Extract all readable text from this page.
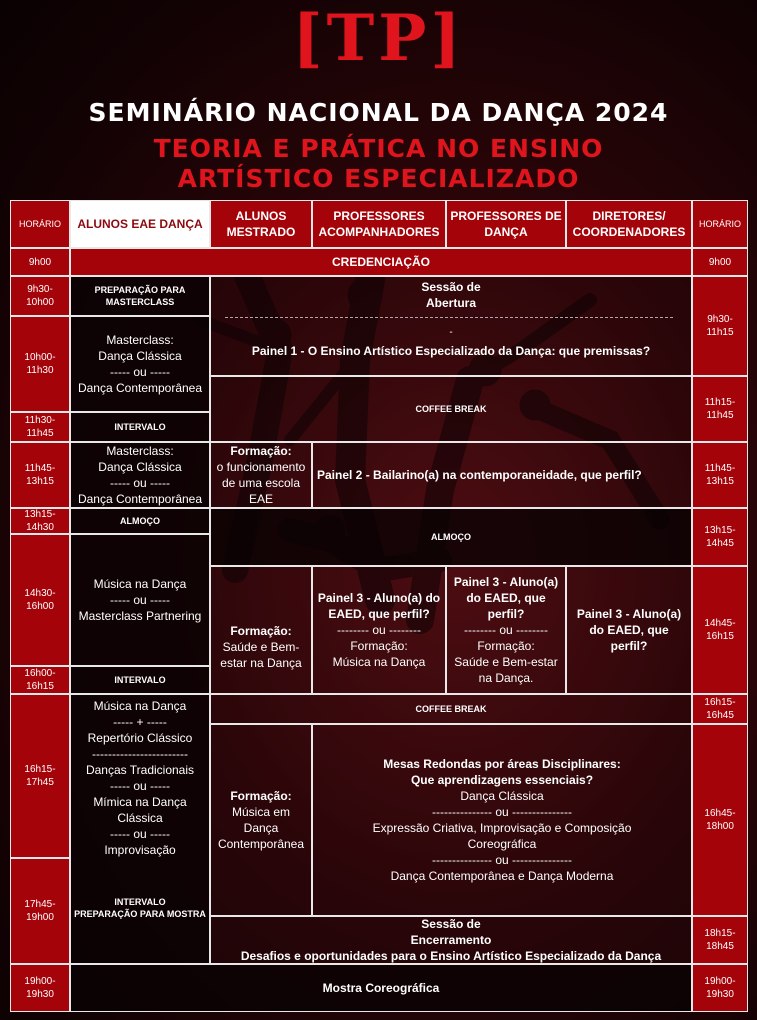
[TP]
SEMINÁRIO NACIONAL DA DANÇA 2024
TEORIA E PRÁTICA NO ENSINO
ARTÍSTICO ESPECIALIZADO
HORÁRIO	ALUNOS EAE DANÇA
ALUNOS
MESTRADO
PROFESSORES
ACOMPANHADORES
PROFESSORES DE
DANÇA
DIRETORES/
COORDENADORES
HORÁRIO
9h00
9h30-
10h00
10h00-
11h30
11h30-
11h45
11h45-
13h15
13h15-
14h30
14h30-
16h00
16h00-
16h15
16h15-
17h45
17h45-
19h00
19h00-
19h30
9h00
9h30-11h15
11h15-
11h45
11h45-
13h15
13h15-
14h45
14h45-
16h15
16h15-
16h45
16h45-
18h00
18h15-
18h45
19h00-
19h30
CREDENCIAÇÃO
PREPARAÇÃO PARA
MASTERCLASS
Masterclass:
Dança Clássica
----- ou -----
Dança Contemporânea
INTERVALO
Masterclass:
Dança Clássica
----- ou -----
Dança Contemporânea
ALMOÇO
Música na Dança
----- ou -----
Masterclass Partnering
INTERVALO
Música na Dança
----- + -----
Repertório Clássico
------------------------
Danças Tradicionais
----- ou -----
Mímica na Dança
Clássica
----- ou -----
Improvisação
INTERVALO
PREPARAÇÃO PARA MOSTRA
Sessão de
Abertura
-
Painel 1 - O Ensino Artístico Especializado da Dança: que premissas?
COFFEE BREAK
Formação:
o funcionamento
de uma escola
EAE
Painel 2 - Bailarino(a) na contemporaneidade, que perfil?
ALMOÇO
Formação:
Saúde e Bem-
estar na Dança
Painel 3 - Aluno(a) do
EAED, que perfil?
-------- ou --------
Formação:
Música na Dança
Painel 3 - Aluno(a)
do EAED, que
perfil?
-------- ou --------
Formação:
Saúde e Bem-estar
na Dança.
Painel 3 - Aluno(a)
do EAED, que perfil?
COFFEE BREAK
Formação:
Música em Dança
Contemporânea
Mesas Redondas por áreas Disciplinares:
Que aprendizagens essenciais?
Dança Clássica
--------------- ou ---------------
Expressão Criativa, Improvisação e Composição
Coreográfica
--------------- ou ---------------
Dança Contemporânea e Dança Moderna
Sessão de
Encerramento
Desafios e oportunidades para o Ensino Artístico Especializado da Dança
Mostra Coreográfica
